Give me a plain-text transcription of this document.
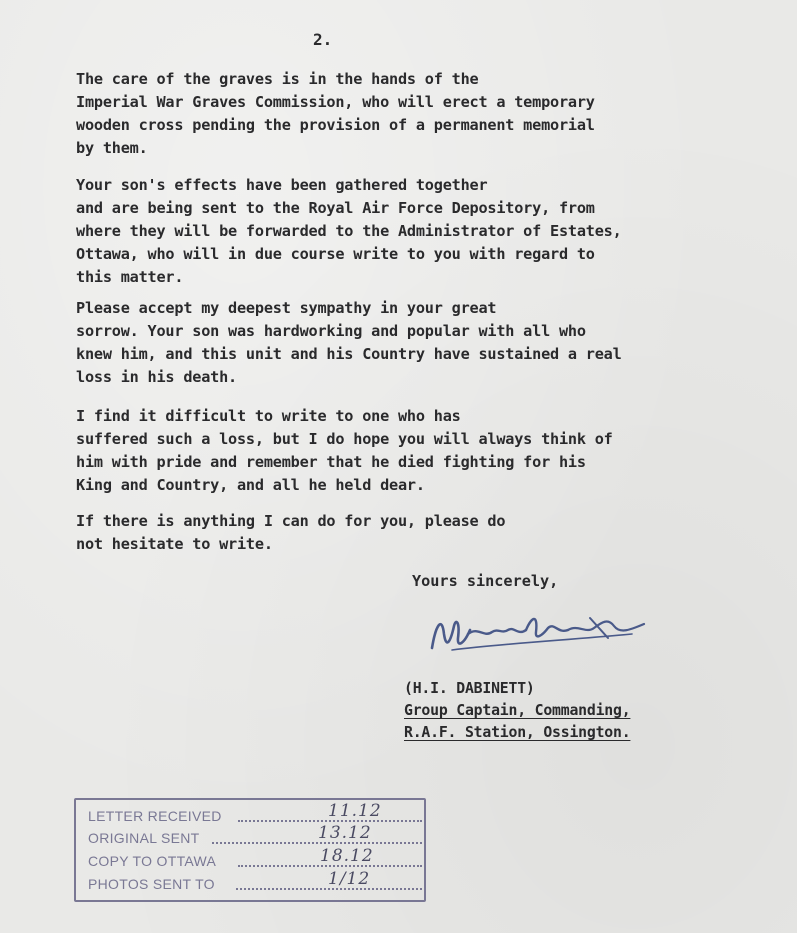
2.

The care of the graves is in the hands of the
Imperial War Graves Commission, who will erect a temporary
wooden cross pending the provision of a permanent memorial
by them.

Your son's effects have been gathered together
and are being sent to the Royal Air Force Depository, from
where they will be forwarded to the Administrator of Estates,
Ottawa, who will in due course write to you with regard to
this matter.

Please accept my deepest sympathy in your great
sorrow. Your son was hardworking and popular with all who
knew him, and this unit and his Country have sustained a real
loss in his death.

I find it difficult to write to one who has
suffered such a loss, but I do hope you will always think of
him with pride and remember that he died fighting for his
King and Country, and all he held dear.

If there is anything I can do for you, please do
not hesitate to write.

Yours sincerely,
(H.I. DABINETT)
Group Captain, Commanding,
R.A.F. Station, Ossington.
LETTER RECEIVED	11.12
ORIGINAL SENT	13.12
COPY TO OTTAWA	18.12
PHOTOS SENT TO	1/12
